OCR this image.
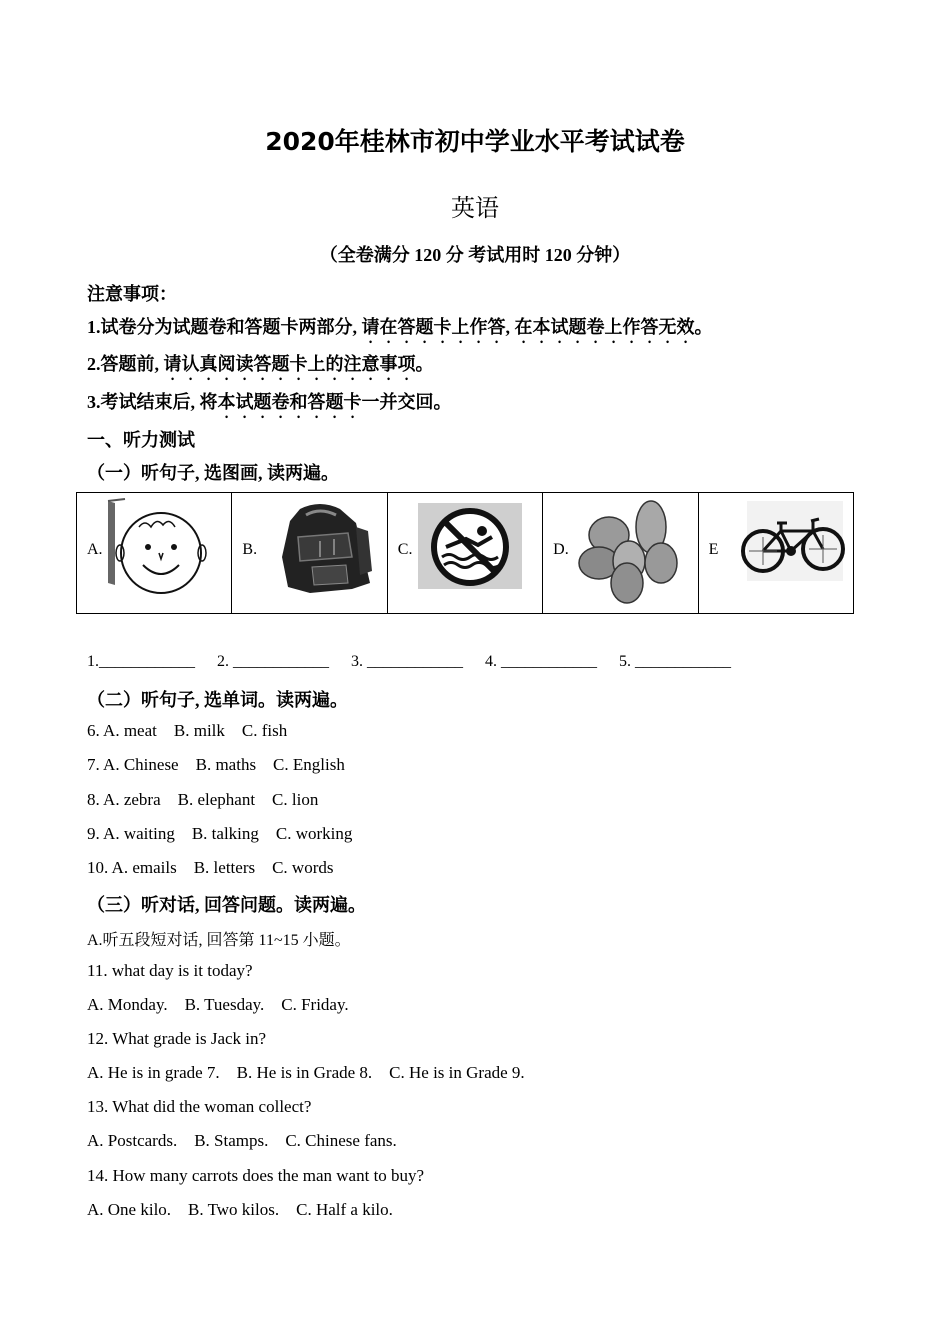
2020年桂林市初中学业水平考试试卷
英语
（全卷满分 120 分 考试用时 120 分钟）
注意事项：
1.试卷分为试题卷和答题卡两部分, 请在答题卡上作答, 在本试题卷上作答无效。
2.答题前, 请认真阅读答题卡上的注意事项。
3.考试结束后, 将本试题卷和答题卡一并交回。
一、听力测试
（一）听句子, 选图画, 读两遍。
A.	B.	C.	D.	E
1.____________ 2. ____________ 3. ____________ 4. ____________ 5. ____________
（二）听句子, 选单词。读两遍。
6. A. meat    B. milk    C. fish
7. A. Chinese    B. maths    C. English
8. A. zebra    B. elephant    C. lion
9. A. waiting    B. talking    C. working
10. A. emails    B. letters    C. words
（三）听对话, 回答问题。读两遍。
A.听五段短对话, 回答第 11~15 小题。
11. what day is it today?
A. Monday.    B. Tuesday.    C. Friday.
12. What grade is Jack in?
A. He is in grade 7.    B. He is in Grade 8.    C. He is in Grade 9.
13. What did the woman collect?
A. Postcards.    B. Stamps.    C. Chinese fans.
14. How many carrots does the man want to buy?
A. One kilo.    B. Two kilos.    C. Half a kilo.
